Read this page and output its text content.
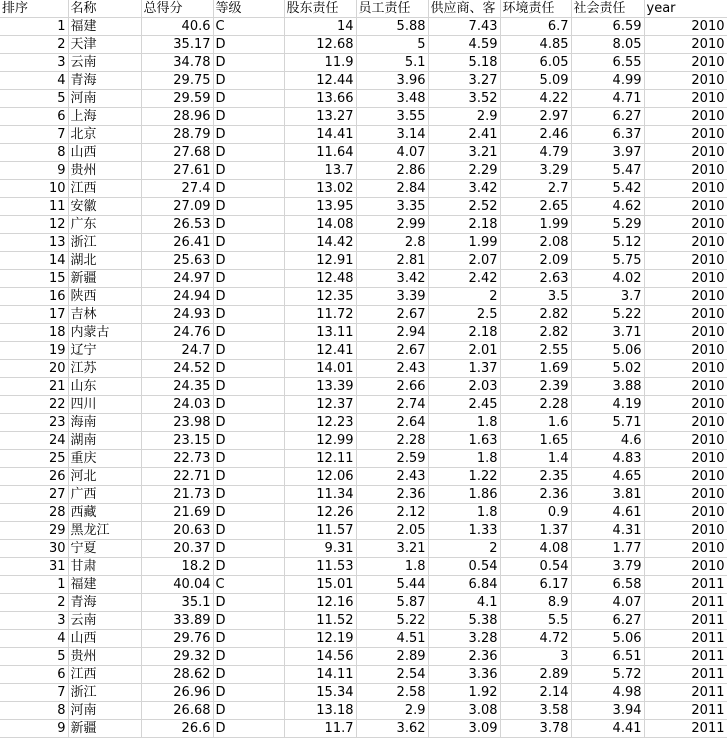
排序	名称	总得分	等级	股东责任	员工责任	供应商、客	环境责任	社会责任	year
1	福建	40.6	C	14	5.88	7.43	6.7	6.59	2010
2	天津	35.17	D	12.68	5	4.59	4.85	8.05	2010
3	云南	34.78	D	11.9	5.1	5.18	6.05	6.55	2010
4	青海	29.75	D	12.44	3.96	3.27	5.09	4.99	2010
5	河南	29.59	D	13.66	3.48	3.52	4.22	4.71	2010
6	上海	28.96	D	13.27	3.55	2.9	2.97	6.27	2010
7	北京	28.79	D	14.41	3.14	2.41	2.46	6.37	2010
8	山西	27.68	D	11.64	4.07	3.21	4.79	3.97	2010
9	贵州	27.61	D	13.7	2.86	2.29	3.29	5.47	2010
10	江西	27.4	D	13.02	2.84	3.42	2.7	5.42	2010
11	安徽	27.09	D	13.95	3.35	2.52	2.65	4.62	2010
12	广东	26.53	D	14.08	2.99	2.18	1.99	5.29	2010
13	浙江	26.41	D	14.42	2.8	1.99	2.08	5.12	2010
14	湖北	25.63	D	12.91	2.81	2.07	2.09	5.75	2010
15	新疆	24.97	D	12.48	3.42	2.42	2.63	4.02	2010
16	陕西	24.94	D	12.35	3.39	2	3.5	3.7	2010
17	吉林	24.93	D	11.72	2.67	2.5	2.82	5.22	2010
18	内蒙古	24.76	D	13.11	2.94	2.18	2.82	3.71	2010
19	辽宁	24.7	D	12.41	2.67	2.01	2.55	5.06	2010
20	江苏	24.52	D	14.01	2.43	1.37	1.69	5.02	2010
21	山东	24.35	D	13.39	2.66	2.03	2.39	3.88	2010
22	四川	24.03	D	12.37	2.74	2.45	2.28	4.19	2010
23	海南	23.98	D	12.23	2.64	1.8	1.6	5.71	2010
24	湖南	23.15	D	12.99	2.28	1.63	1.65	4.6	2010
25	重庆	22.73	D	12.11	2.59	1.8	1.4	4.83	2010
26	河北	22.71	D	12.06	2.43	1.22	2.35	4.65	2010
27	广西	21.73	D	11.34	2.36	1.86	2.36	3.81	2010
28	西藏	21.69	D	12.26	2.12	1.8	0.9	4.61	2010
29	黑龙江	20.63	D	11.57	2.05	1.33	1.37	4.31	2010
30	宁夏	20.37	D	9.31	3.21	2	4.08	1.77	2010
31	甘肃	18.2	D	11.53	1.8	0.54	0.54	3.79	2010
1	福建	40.04	C	15.01	5.44	6.84	6.17	6.58	2011
2	青海	35.1	D	12.16	5.87	4.1	8.9	4.07	2011
3	云南	33.89	D	11.52	5.22	5.38	5.5	6.27	2011
4	山西	29.76	D	12.19	4.51	3.28	4.72	5.06	2011
5	贵州	29.32	D	14.56	2.89	2.36	3	6.51	2011
6	江西	28.62	D	14.11	2.54	3.36	2.89	5.72	2011
7	浙江	26.96	D	15.34	2.58	1.92	2.14	4.98	2011
8	河南	26.68	D	13.18	2.9	3.08	3.58	3.94	2011
9	新疆	26.6	D	11.7	3.62	3.09	3.78	4.41	2011
